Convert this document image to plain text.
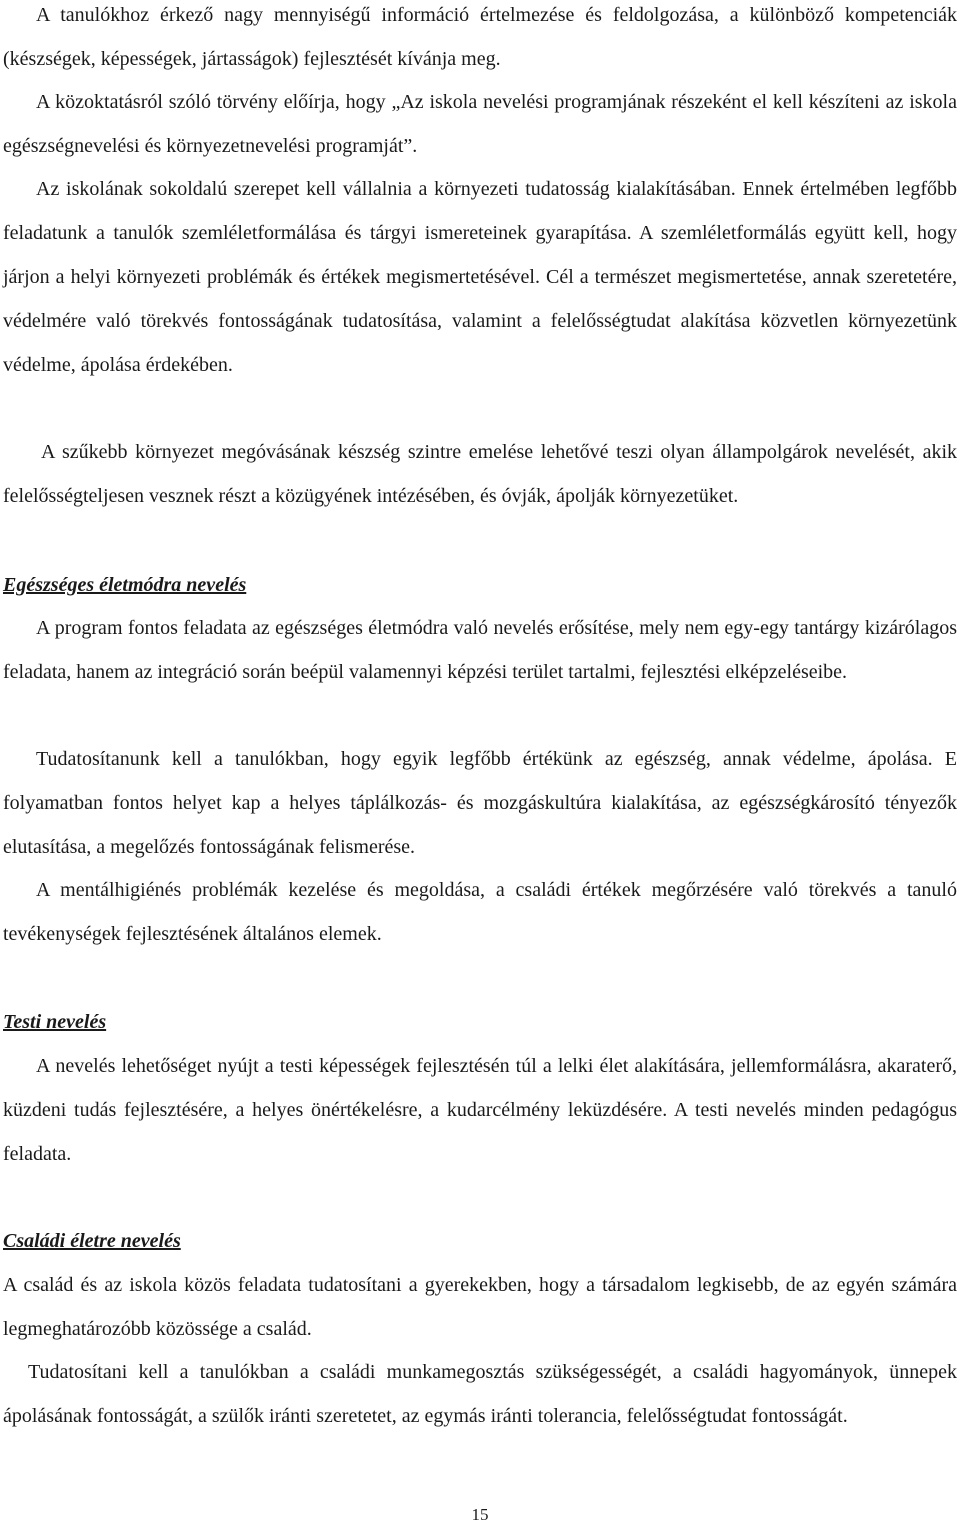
A tanulókhoz érkező nagy mennyiségű információ értelmezése és feldolgozása, a különböző kompetenciák (készségek, képességek, jártasságok) fejlesztését kívánja meg.

A közoktatásról szóló törvény előírja, hogy „Az iskola nevelési programjának részeként el kell készíteni az iskola egészségnevelési és környezetnevelési programját”.

Az iskolának sokoldalú szerepet kell vállalnia a környezeti tudatosság kialakításában. Ennek értelmében legfőbb feladatunk a tanulók szemléletformálása és tárgyi ismereteinek gyarapítása. A szemléletformálás együtt kell, hogy járjon a helyi környezeti problémák és értékek megismertetésével. Cél a természet megismertetése, annak szeretetére, védelmére való törekvés fontosságának tudatosítása, valamint a felelősségtudat alakítása közvetlen környezetünk védelme, ápolása érdekében.

A szűkebb környezet megóvásának készség szintre emelése lehetővé teszi olyan állampolgárok nevelését, akik felelősségteljesen vesznek részt a közügyének intézésében, és óvják, ápolják környezetüket.

Egészséges életmódra nevelés

A program fontos feladata az egészséges életmódra való nevelés erősítése, mely nem egy-egy tantárgy kizárólagos feladata, hanem az integráció során beépül valamennyi képzési terület tartalmi, fejlesztési elképzeléseibe.

Tudatosítanunk kell a tanulókban, hogy egyik legfőbb értékünk az egészség, annak védelme, ápolása. E folyamatban fontos helyet kap a helyes táplálkozás- és mozgáskultúra kialakítása, az egészségkárosító tényezők elutasítása, a megelőzés fontosságának felismerése.

A mentálhigiénés problémák kezelése és megoldása, a családi értékek megőrzésére való törekvés a tanuló tevékenységek fejlesztésének általános elemek.

Testi nevelés

A nevelés lehetőséget nyújt a testi képességek fejlesztésén túl a lelki élet alakítására, jellemformálásra, akaraterő, küzdeni tudás fejlesztésére, a helyes önértékelésre, a kudarcélmény leküzdésére. A testi nevelés minden pedagógus feladata.

Családi életre nevelés

A család és az iskola közös feladata tudatosítani a gyerekekben, hogy a társadalom legkisebb, de az egyén számára legmeghatározóbb közössége a család.

Tudatosítani kell a tanulókban a családi munkamegosztás szükségességét, a családi hagyományok, ünnepek ápolásának fontosságát, a szülők iránti szeretetet, az egymás iránti tolerancia, felelősségtudat fontosságát.

15
